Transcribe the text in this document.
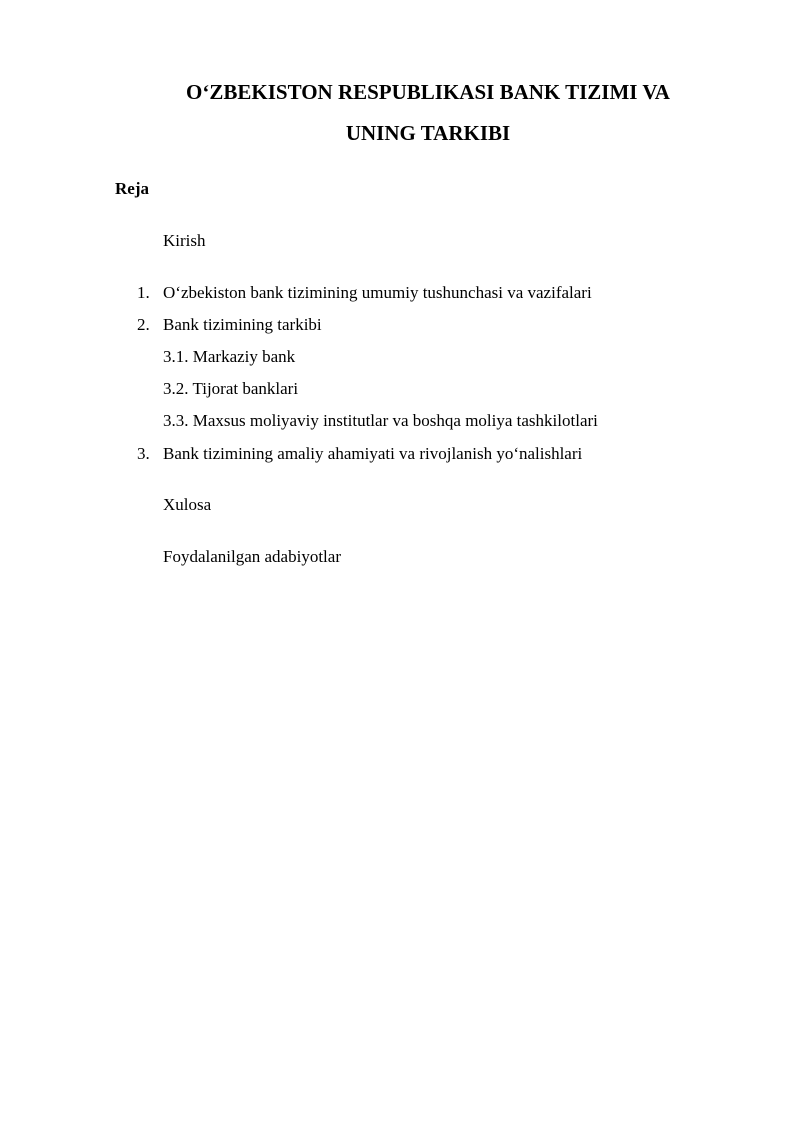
O‘ZBEKISTON RESPUBLIKASI BANK TIZIMI VA
UNING TARKIBI
Reja
Kirish
1. O‘zbekiston bank tizimining umumiy tushunchasi va vazifalari
2. Bank tizimining tarkibi
3.1. Markaziy bank
3.2. Tijorat banklari
3.3. Maxsus moliyaviy institutlar va boshqa moliya tashkilotlari
3. Bank tizimining amaliy ahamiyati va rivojlanish yo‘nalishlari
Xulosa
Foydalanilgan adabiyotlar
